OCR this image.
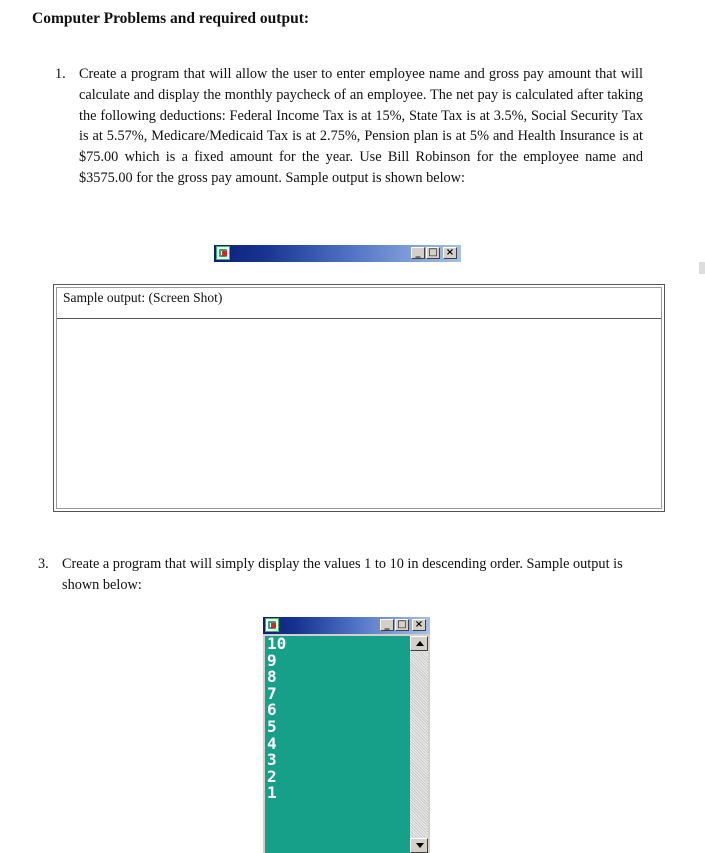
Computer Problems and required output:
1. Create a program that will allow the user to enter employee name and gross pay amount that will calculate and display the monthly paycheck of an employee. The net pay is calculated after taking the following deductions: Federal Income Tax is at 15%, State Tax is at 3.5%, Social Security Tax is at 5.57%, Medicare/Medicaid Tax is at 2.75%, Pension plan is at 5% and Health Insurance is at $75.00 which is a fixed amount for the year. Use Bill Robinson for the employee name and $3575.00 for the gross pay amount. Sample output is shown below:
_ □ ×
Sample output: (Screen Shot)
3. Create a program that will simply display the values 1 to 10 in descending order. Sample output is shown below:
_ □ ×
10
9
8
7
6
5
4
3
2
1
